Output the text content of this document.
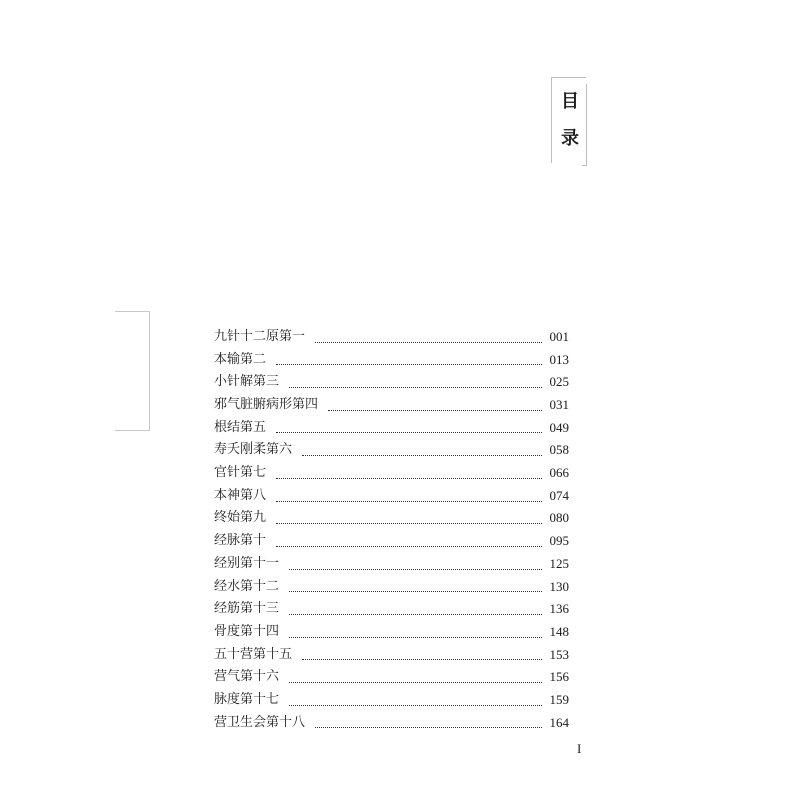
目
录
九针十二原第一	001
本输第二	013
小针解第三	025
邪气脏腑病形第四	031
根结第五	049
寿夭刚柔第六	058
官针第七	066
本神第八	074
终始第九	080
经脉第十	095
经别第十一	125
经水第十二	130
经筋第十三	136
骨度第十四	148
五十营第十五	153
营气第十六	156
脉度第十七	159
营卫生会第十八	164
I
